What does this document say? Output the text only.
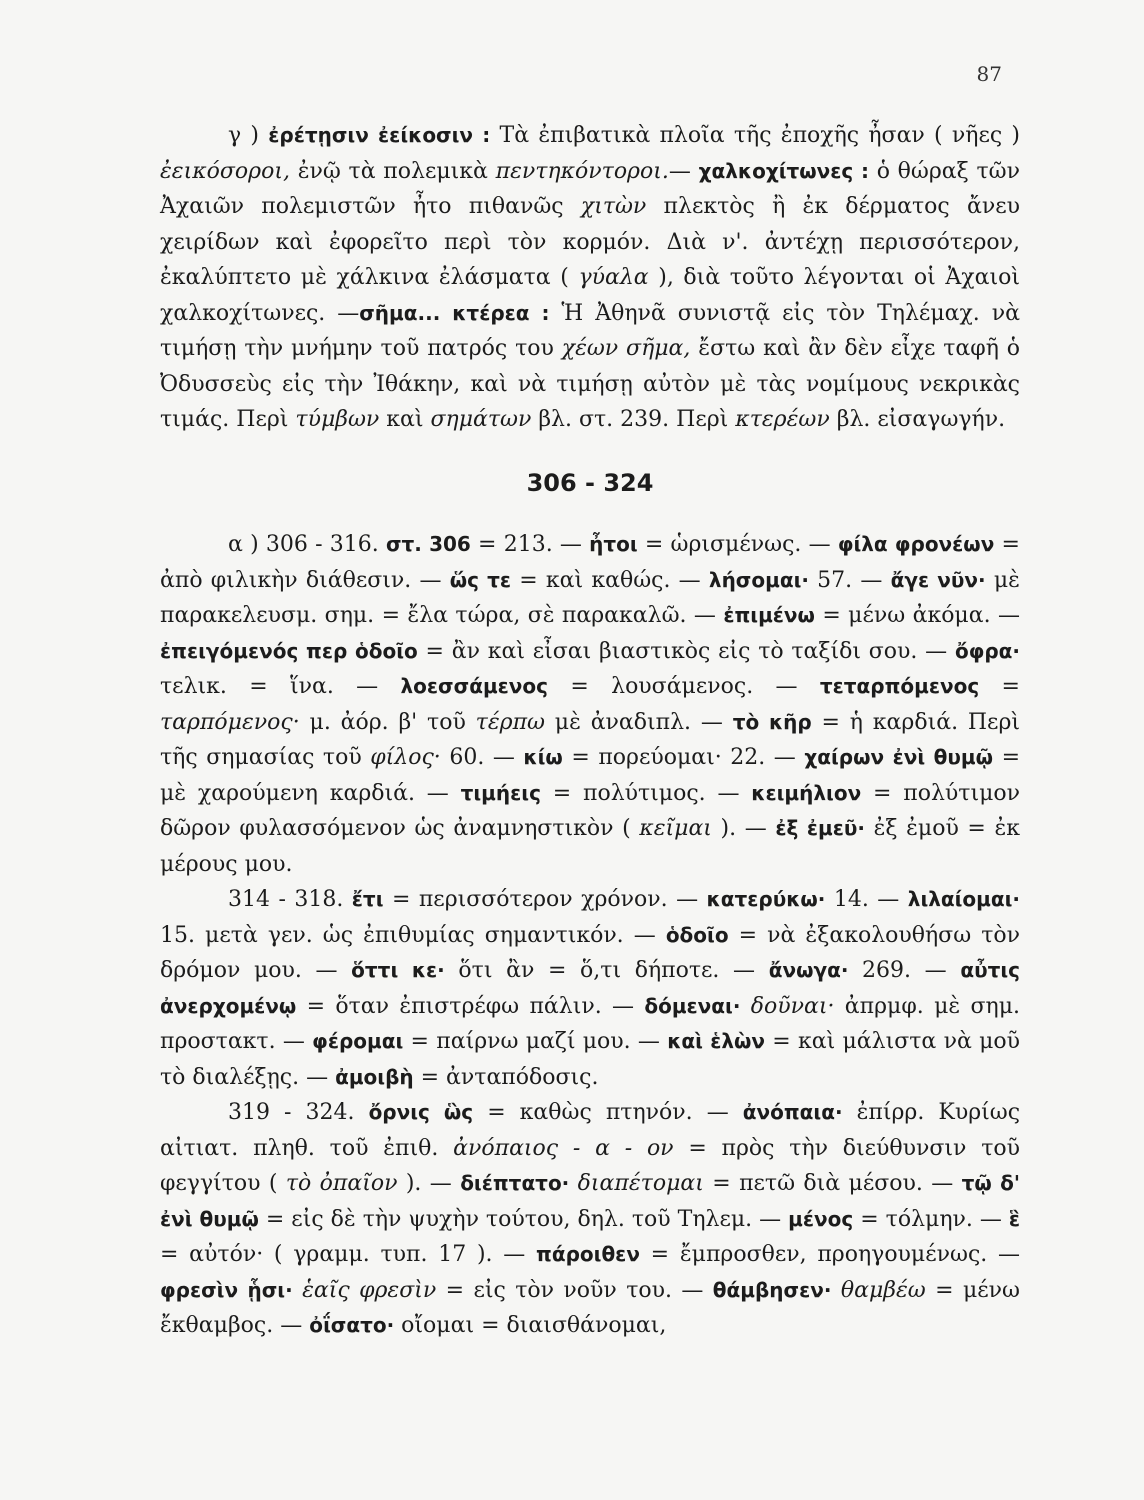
87

γ ) ἐρέτῃσιν ἐείκοσιν : Τὰ ἐπιβατικὰ πλοῖα τῆς ἐποχῆς ἦσαν ( νῆες ) ἐεικόσοροι, ἐνῷ τὰ πολεμικὰ πεντηκόντοροι.— χαλκοχίτωνες : ὁ θώραξ τῶν Ἀχαιῶν πολεμιστῶν ἦτο πιθανῶς χιτὼν πλεκτὸς ἢ ἐκ δέρματος ἄνευ χειρίδων καὶ ἐφορεῖτο περὶ τὸν κορμόν. Διὰ ν'. ἀντέχῃ περισσότερον, ἐκαλύπτετο μὲ χάλκινα ἐλάσματα ( γύαλα ), διὰ τοῦτο λέγονται οἱ Ἀχαιοὶ χαλκοχίτωνες. —σῆμα... κτέρεα : Ἡ Ἀθηνᾶ συνιστᾷ εἰς τὸν Τηλέμαχ. νὰ τιμήσῃ τὴν μνήμην τοῦ πατρός του χέων σῆμα, ἔστω καὶ ἂν δὲν εἶχε ταφῆ ὁ Ὀδυσσεὺς εἰς τὴν Ἰθάκην, καὶ νὰ τιμήσῃ αὐτὸν μὲ τὰς νομίμους νεκρικὰς τιμάς. Περὶ τύμβων καὶ σημάτων βλ. στ. 239. Περὶ κτερέων βλ. εἰσαγωγήν.

306 - 324

α ) 306 - 316. στ. 306 = 213. — ἦτοι = ὡρισμένως. — φίλα φρονέων = ἀπὸ φιλικὴν διάθεσιν. — ὥς τε = καὶ καθώς. — λήσομαι· 57. — ἄγε νῦν· μὲ παρακελευσμ. σημ. = ἔλα τώρα, σὲ παρακαλῶ. — ἐπιμένω = μένω ἀκόμα. — ἐπειγόμενός περ ὁδοῖο = ἂν καὶ εἶσαι βιαστικὸς εἰς τὸ ταξίδι σου. — ὄφρα· τελικ. = ἵνα. — λοεσσάμενος = λουσάμενος. — τεταρπόμενος = ταρπόμενος· μ. ἀόρ. β' τοῦ τέρπω μὲ ἀναδιπλ. — τὸ κῆρ = ἡ καρδιά. Περὶ τῆς σημασίας τοῦ φίλος· 60. — κίω = πορεύομαι· 22. — χαίρων ἐνὶ θυμῷ = μὲ χαρούμενη καρδιά. — τιμήεις = πολύτιμος. — κειμήλιον = πολύτιμον δῶρον φυλασσόμενον ὡς ἀναμνηστικὸν ( κεῖμαι ). — ἐξ ἐμεῦ· ἐξ ἐμοῦ = ἐκ μέρους μου.

314 - 318. ἔτι = περισσότερον χρόνον. — κατερύκω· 14. — λιλαίομαι· 15. μετὰ γεν. ὡς ἐπιθυμίας σημαντικόν. — ὁδοῖο = νὰ ἐξακολουθήσω τὸν δρόμον μου. — ὅττι κε· ὅτι ἂν = ὅ,τι δήποτε. — ἄνωγα· 269. — αὖτις ἀνερχομένῳ = ὅταν ἐπιστρέφω πάλιν. — δόμεναι· δοῦναι· ἀπρμφ. μὲ σημ. προστακτ. — φέρομαι = παίρνω μαζί μου. — καὶ ἑλὼν = καὶ μάλιστα νὰ μοῦ τὸ διαλέξῃς. — ἀμοιβὴ = ἀνταπόδοσις.

319 - 324. ὄρνις ὣς = καθὼς πτηνόν. — ἀνόπαια· ἐπίρρ. Κυρίως αἰτιατ. πληθ. τοῦ ἐπιθ. ἀνόπαιος - α - ον = πρὸς τὴν διεύθυνσιν τοῦ φεγγίτου ( τὸ ὀπαῖον ). — διέπτατο· διαπέτομαι = πετῶ διὰ μέσου. — τῷ δ' ἐνὶ θυμῷ = εἰς δὲ τὴν ψυχὴν τούτου, δηλ. τοῦ Τηλεμ. — μένος = τόλμην. — ἓ = αὐτόν· ( γραμμ. τυπ. 17 ). — πάροιθεν = ἔμπροσθεν, προηγουμένως. — φρεσὶν ᾗσι· ἑαῖς φρεσὶν = εἰς τὸν νοῦν του. — θάμβησεν· θαμβέω = μένω ἔκθαμβος. — ὀΐσατο· οἴομαι = διαισθάνομαι,
